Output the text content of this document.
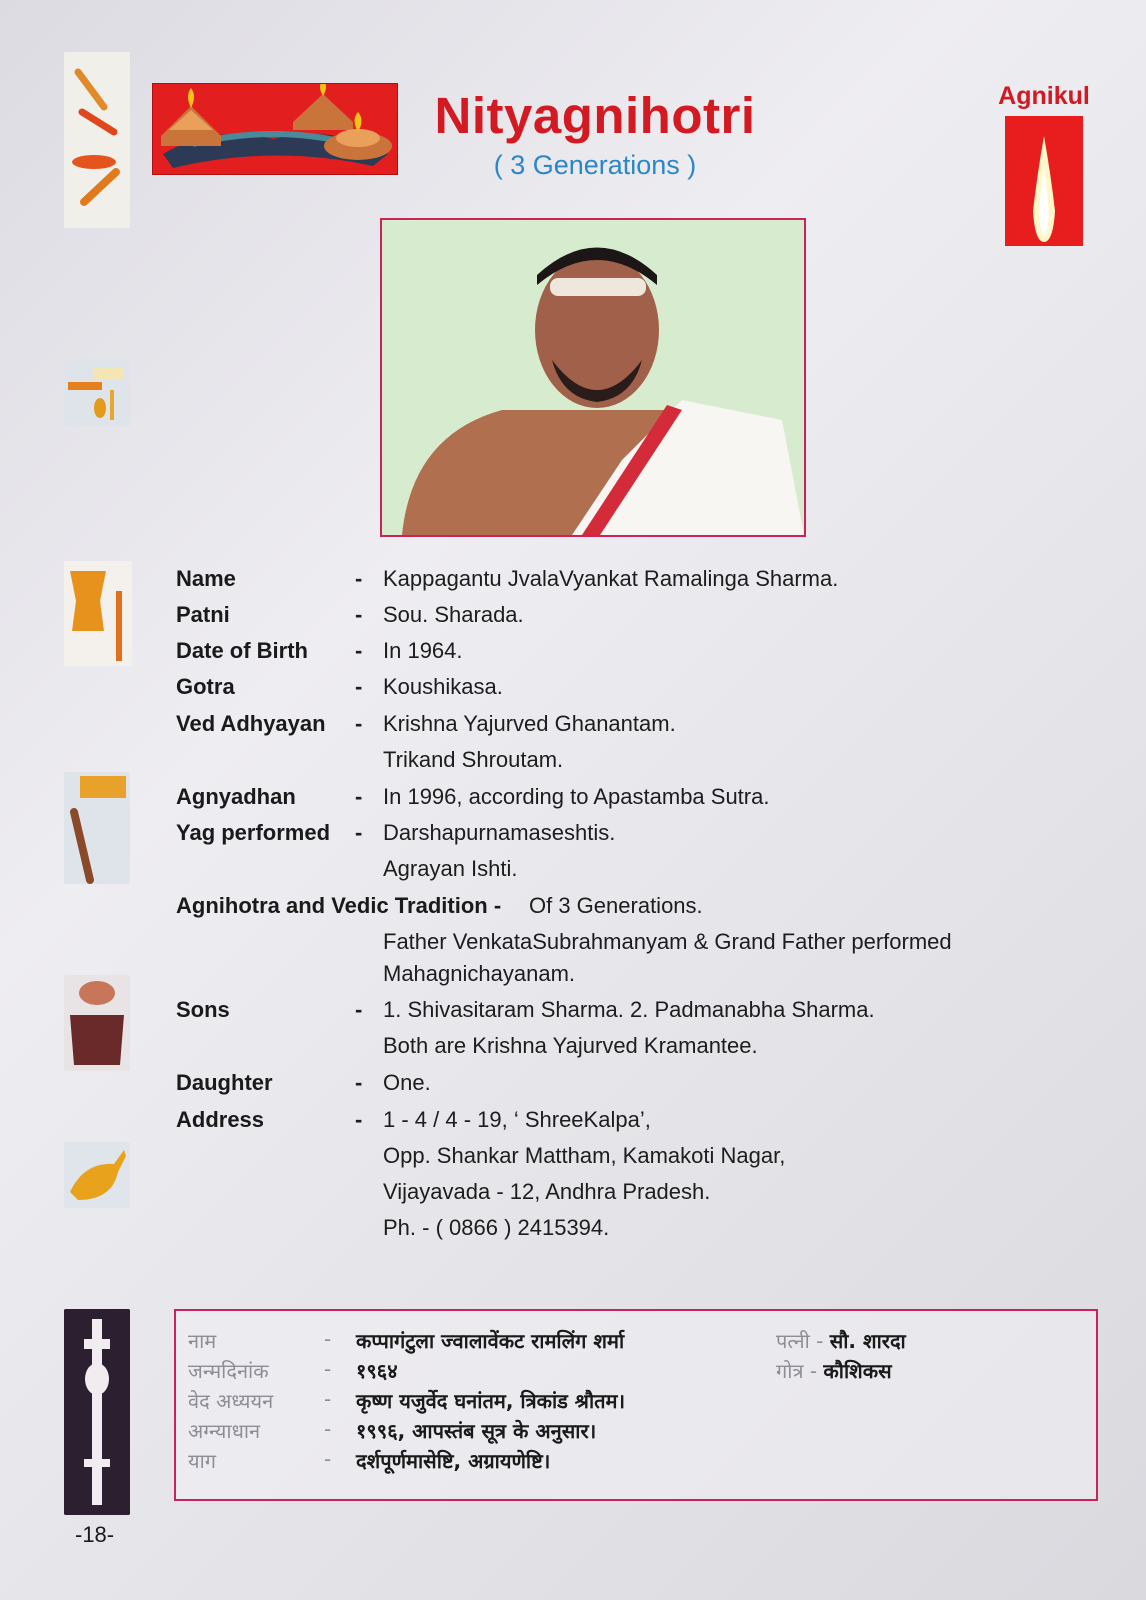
Nityagnihotri
( 3 Generations )
Agnikul
Name	- Kappagantu JvalaVyankat Ramalinga Sharma.
Patni	- Sou. Sharada.
Date of Birth - In 1964.
Gotra	- Koushikasa.
Ved Adhyayan - Krishna Yajurved Ghanantam.
Trikand Shroutam.
Agnyadhan	- In 1996, according to Apastamba Sutra.
Yag performed - Darshapurnamaseshtis.
Agrayan Ishti.
Agnihotra and Vedic Tradition - Of 3 Generations.
Father VenkataSubrahmanyam & Grand Father performed
Mahagnichayanam.
Sons	- 1. Shivasitaram Sharma. 2. Padmanabha Sharma.
Both are Krishna Yajurved Kramantee.
Daughter	- One.
Address	- 1 - 4 / 4 - 19, ‘ ShreeKalpa’,
Opp. Shankar Mattham, Kamakoti Nagar,
Vijayavada - 12, Andhra Pradesh.
Ph. - ( 0866 ) 2415394.
नाम	- कप्पागंटुला ज्वालावेंकट रामलिंग शर्मा
जन्मदिनांक	- १९६४
वेद अध्ययन	- कृष्ण यजुर्वेद घनांतम, त्रिकांड श्रौतम।
अग्न्याधान	- १९९६, आपस्तंब सूत्र के अनुसार।
याग	- दर्शपूर्णमासेष्टि, अग्रायणेष्टि।
पत्नी - सौ. शारदा
गोत्र - कौशिकस
-18-
